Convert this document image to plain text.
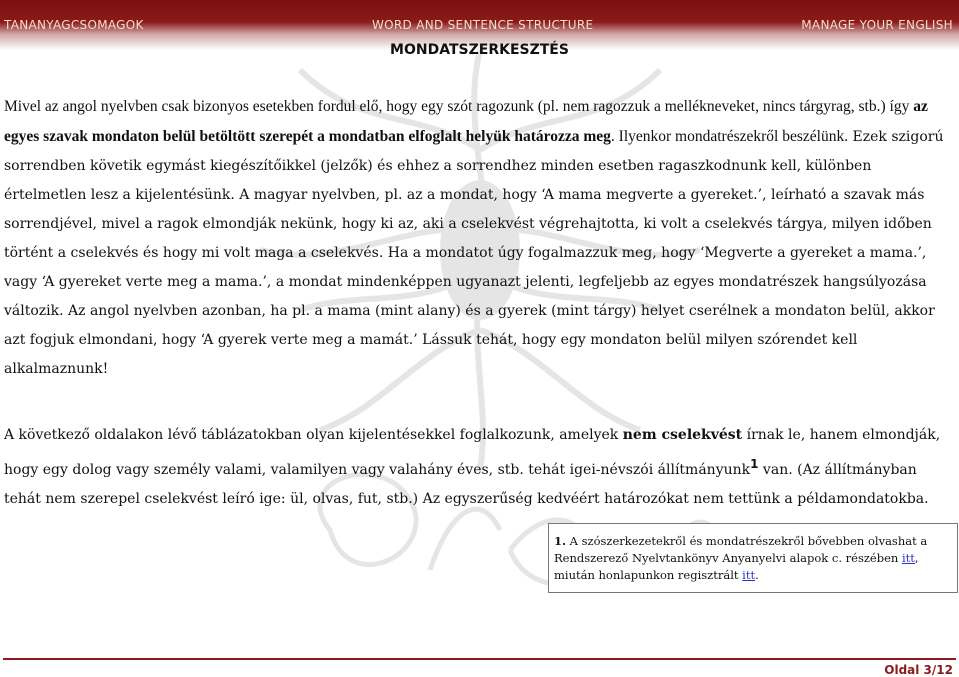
TANANYAGCSOMAGOK	WORD AND SENTENCE STRUCTURE	MANAGE YOUR ENGLISH
MONDATSZERKESZTÉS
Mivel az angol nyelvben csak bizonyos esetekben fordul elő, hogy egy szót ragozunk (pl. nem ragozzuk a mellékneveket, nincs tárgyrag, stb.) így az egyes szavak mondaton belül betöltött szerepét a mondatban elfoglalt helyük határozza meg. Ilyenkor mondatrészekről beszélünk. Ezek szigorú sorrendben követik egymást kiegészítőikkel (jelzők) és ehhez a sorrendhez minden esetben ragaszkodnunk kell, különben értelmetlen lesz a kijelentésünk. A magyar nyelvben, pl. az a mondat, hogy ‘A mama megverte a gyereket.’, leírható a szavak más sorrendjével, mivel a ragok elmondják nekünk, hogy ki az, aki a cselekvést végrehajtotta, ki volt a cselekvés tárgya, milyen időben történt a cselekvés és hogy mi volt maga a cselekvés. Ha a mondatot úgy fogalmazzuk meg, hogy ‘Megverte a gyereket a mama.’, vagy ‘A gyereket verte meg a mama.’, a mondat mindenképpen ugyanazt jelenti, legfeljebb az egyes mondatrészek hangsúlyozása változik. Az angol nyelvben azonban, ha pl. a mama (mint alany) és a gyerek (mint tárgy) helyet cserélnek a mondaton belül, akkor azt fogjuk elmondani, hogy ‘A gyerek verte meg a mamát.’ Lássuk tehát, hogy egy mondaton belül milyen szórendet kell alkalmaznunk!
A következő oldalakon lévő táblázatokban olyan kijelentésekkel foglalkozunk, amelyek nem cselekvést írnak le, hanem elmondják, hogy egy dolog vagy személy valami, valamilyen vagy valahány éves, stb. tehát igei-névszói állítmányunk$^1$ van. (Az állítmányban tehát nem szerepel cselekvést leíró ige: ül, olvas, fut, stb.) Az egyszerűség kedvéért határozókat nem tettünk a példamondatokba.
1. A szószerkezetekről és mondatrészekről bővebben olvashat a Rendszerező Nyelvtankönyv Anyanyelvi alapok c. részében itt, miután honlapunkon regisztrált itt.
Oldal 3/12
